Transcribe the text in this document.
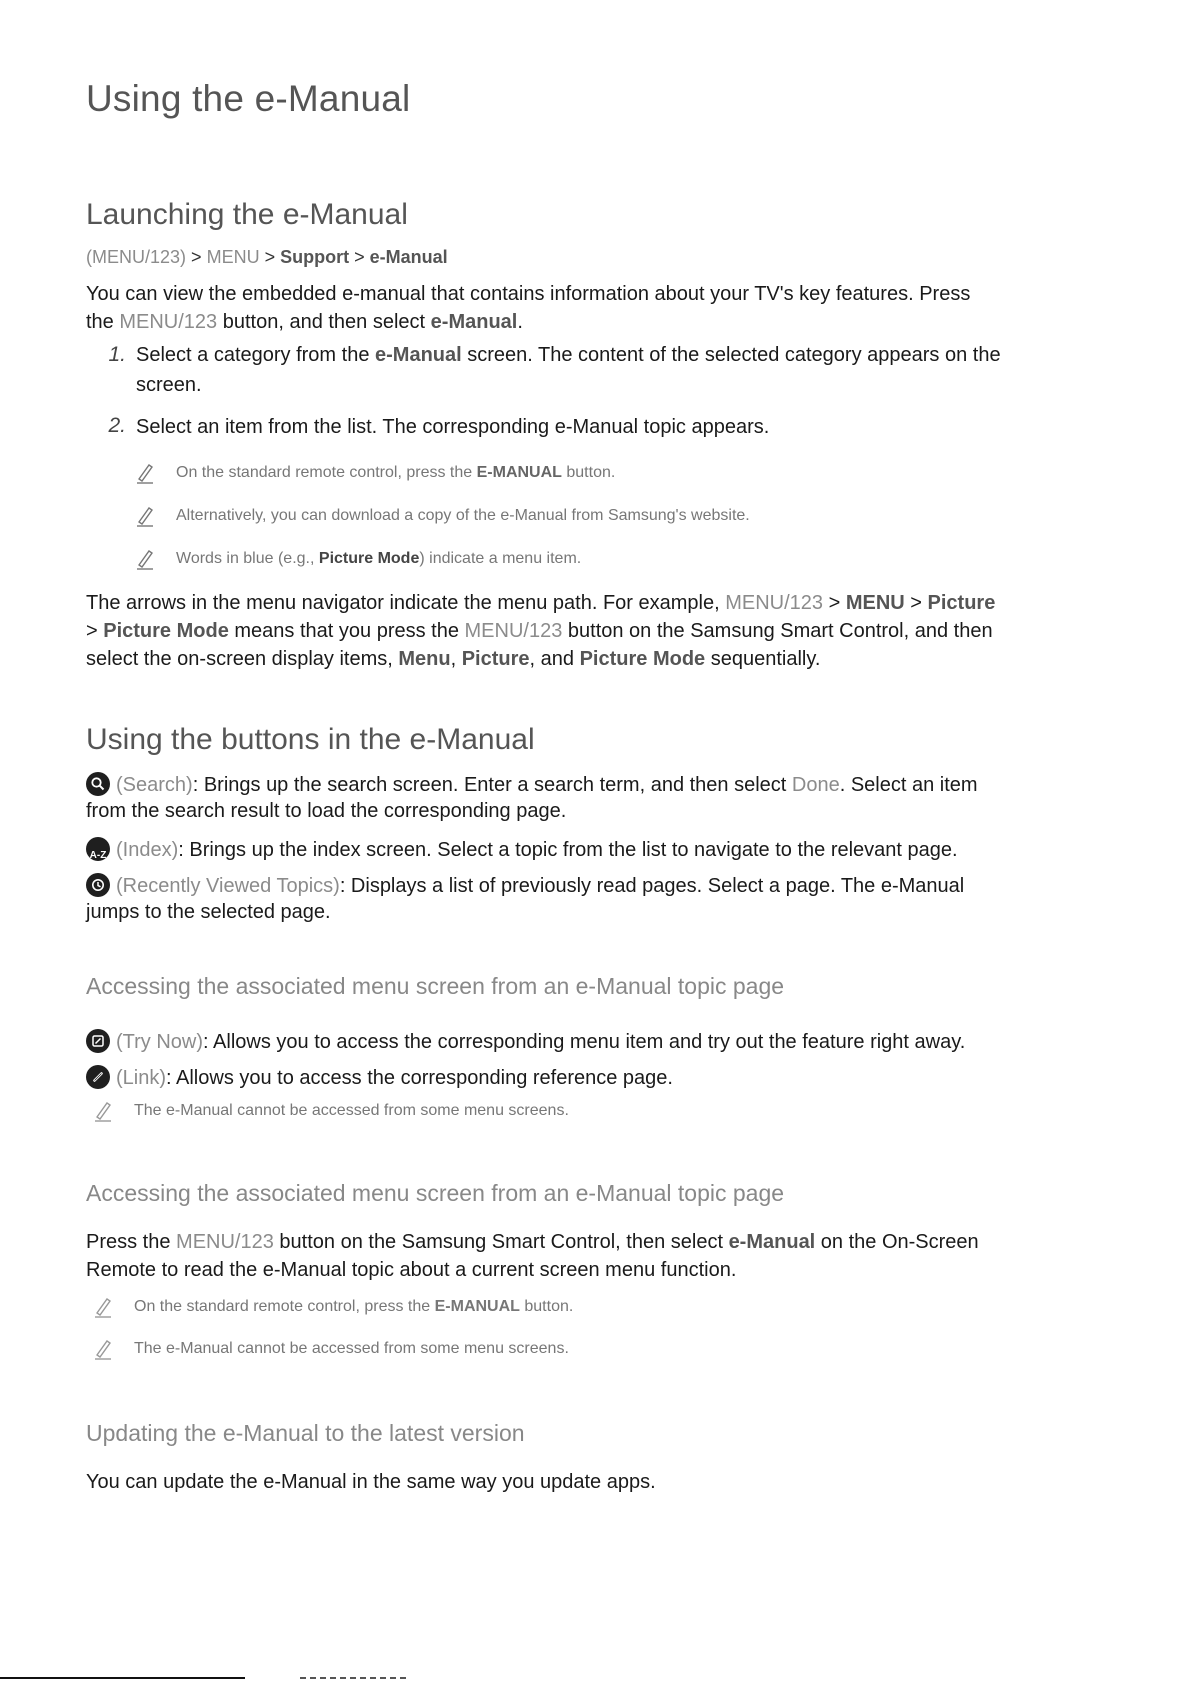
Using the e-Manual
Launching the e-Manual
(MENU/123) > MENU > Support > e-Manual

You can view the embedded e-manual that contains information about your TV's key features. Press

the MENU/123 button, and then select e-Manual.

1. Select a category from the e-Manual screen. The content of the selected category appears on the
screen.
2. Select an item from the list. The corresponding e-Manual topic appears.
On the standard remote control, press the E-MANUAL button.
Alternatively, you can download a copy of the e-Manual from Samsung's website.
Words in blue (e.g., Picture Mode) indicate a menu item.

The arrows in the menu navigator indicate the menu path. For example, MENU/123 > MENU > Picture

> Picture Mode means that you press the MENU/123 button on the Samsung Smart Control, and then

select the on-screen display items, Menu, Picture, and Picture Mode sequentially.

Using the buttons in the e-Manual

(Search): Brings up the search screen. Enter a search term, and then select Done. Select an item

from the search result to load the corresponding page.

A-Z (Index): Brings up the index screen. Select a topic from the list to navigate to the relevant page.

(Recently Viewed Topics): Displays a list of previously read pages. Select a page. The e-Manual

jumps to the selected page.

Accessing the associated menu screen from an e-Manual topic page

(Try Now): Allows you to access the corresponding menu item and try out the feature right away.

(Link): Allows you to access the corresponding reference page.

The e-Manual cannot be accessed from some menu screens.
Accessing the associated menu screen from an e-Manual topic page

Press the MENU/123 button on the Samsung Smart Control, then select e-Manual on the On-Screen

Remote to read the e-Manual topic about a current screen menu function.

On the standard remote control, press the E-MANUAL button.
The e-Manual cannot be accessed from some menu screens.
Updating the e-Manual to the latest version

You can update the e-Manual in the same way you update apps.
